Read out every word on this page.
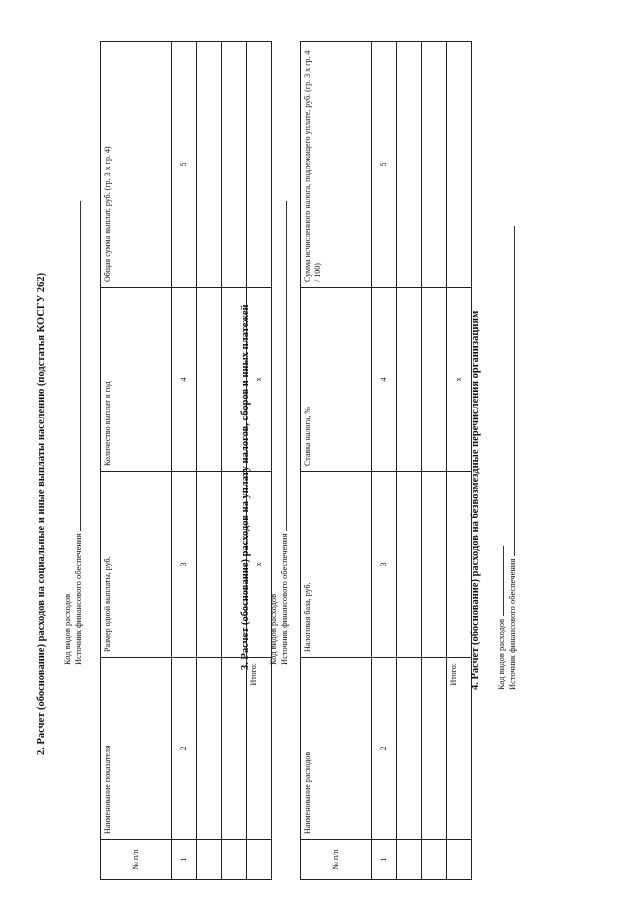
2. Расчет (обоснование) расходов на социальные и иные выплаты населению (подстатья КОСГУ 262) Код видов расходов Источник финансового обеспечения
№ п/п	Наименование показателя	Размер одной выплаты, руб.	Количество выплат в год	Общая сумма выплат, руб. (гр. 3 х гр. 4)
1	2	3	4	5

	Итого:	x	x	
3. Расчет (обоснование) расходов на уплату налогов, сборов и иных платежей Код видов расходов Источник финансового обеспечения
№ п/п	Наименование расходов	Налоговая база, руб.	Ставка налога, %	Сумма исчисленного налога, подлежащего уплате, руб. (гр. 3 х гр. 4 / 100)
1	2	3	4	5

	Итого:		x	4. Расчет (обоснование) расходов на безвозмездные перечисления организациям Код видов расходов Источник финансового обеспечения
